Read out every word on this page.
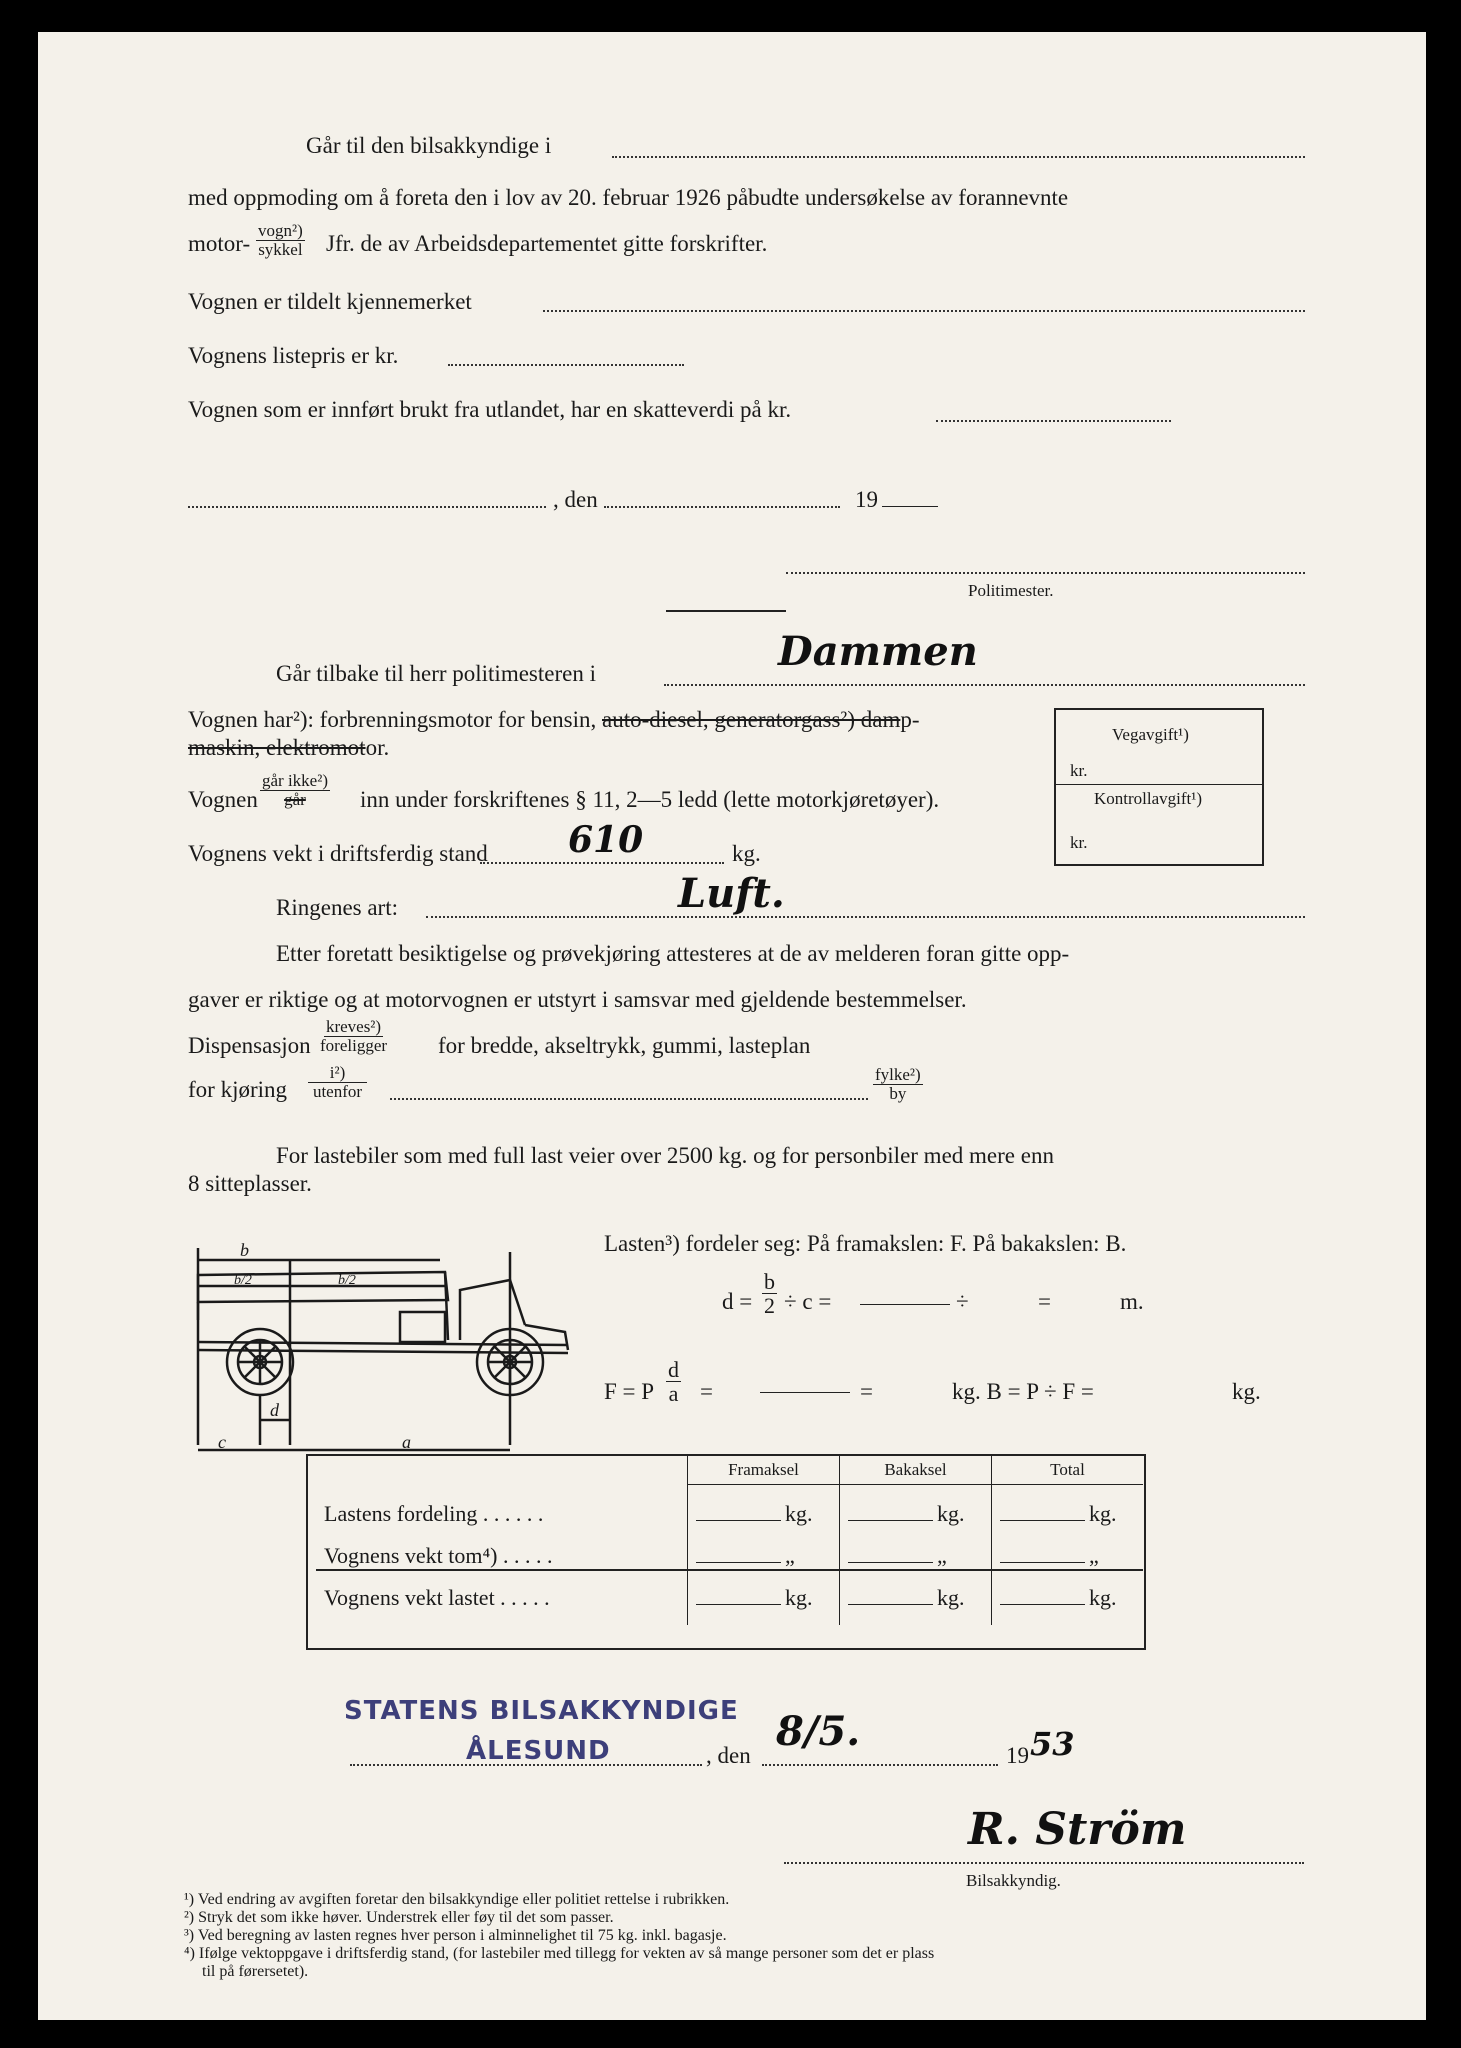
Går til den bilsakkyndige i
med oppmoding om å foreta den i lov av 20. februar 1926 påbudte undersøkelse av forannevnte
motor-
vogn²)
sykkel Jfr. de av Arbeidsdepartementet gitte forskrifter.
Vognen er tildelt kjennemerket
Vognens listepris er kr.
Vognen som er innført brukt fra utlandet, har en skatteverdi på kr.
, den	19
Politimester.
Går tilbake til herr politimesteren i	Dammen
Vognen har²): forbrenningsmotor for bensin, auto-diesel, generatorgass²) damp-
maskin, elektromotor.
Vognen
går ikke²)
går inn under forskriftenes § 11, 2—5 ledd (lette motorkjøretøyer).
Vognens vekt i driftsferdig stand 610	kg.
Ringenes art:	Luft.
Etter foretatt besiktigelse og prøvekjøring attesteres at de av melderen foran gitte opp-
gaver er riktige og at motorvognen er utstyrt i samsvar med gjeldende bestemmelser.
Dispensasjon
kreves²)
foreligger for bredde, akseltrykk, gummi, lasteplan
for kjøring
i²)
utenfor
fylke²)
by
Vegavgift¹)
kr.
Kontrollavgift¹)
kr.
For lastebiler som med full last veier over 2500 kg. og for personbiler med mere enn
8 sitteplasser.
b
b/2	b/2
c
d
a
Lasten³) fordeler seg: På framakslen: F. På bakakslen: B.
$d = \frac{b}{2} \div c$ =	÷	=	m.
F = P $\frac{d}{a}$ =	=	kg. B = P ÷ F =	kg.
	Framaksel	Bakaksel	Total
Lastens fordeling . . . . . .	kg.	kg.	kg.
Vognens vekt tom⁴) . . . . .	„	„	„
Vognens vekt lastet . . . . .	kg.	kg.	kg.
STATENS BILSAKKYNDIGE
ÅLESUND	, den
8/5.
19 53
R. Ström
Bilsakkyndig.
¹) Ved endring av avgiften foretar den bilsakkyndige eller politiet rettelse i rubrikken.
²) Stryk det som ikke høver. Understrek eller føy til det som passer.
³) Ved beregning av lasten regnes hver person i alminnelighet til 75 kg. inkl. bagasje.
⁴) Ifølge vektoppgave i driftsferdig stand, (for lastebiler med tillegg for vekten av så mange personer som det er plass
til på førersetet).
